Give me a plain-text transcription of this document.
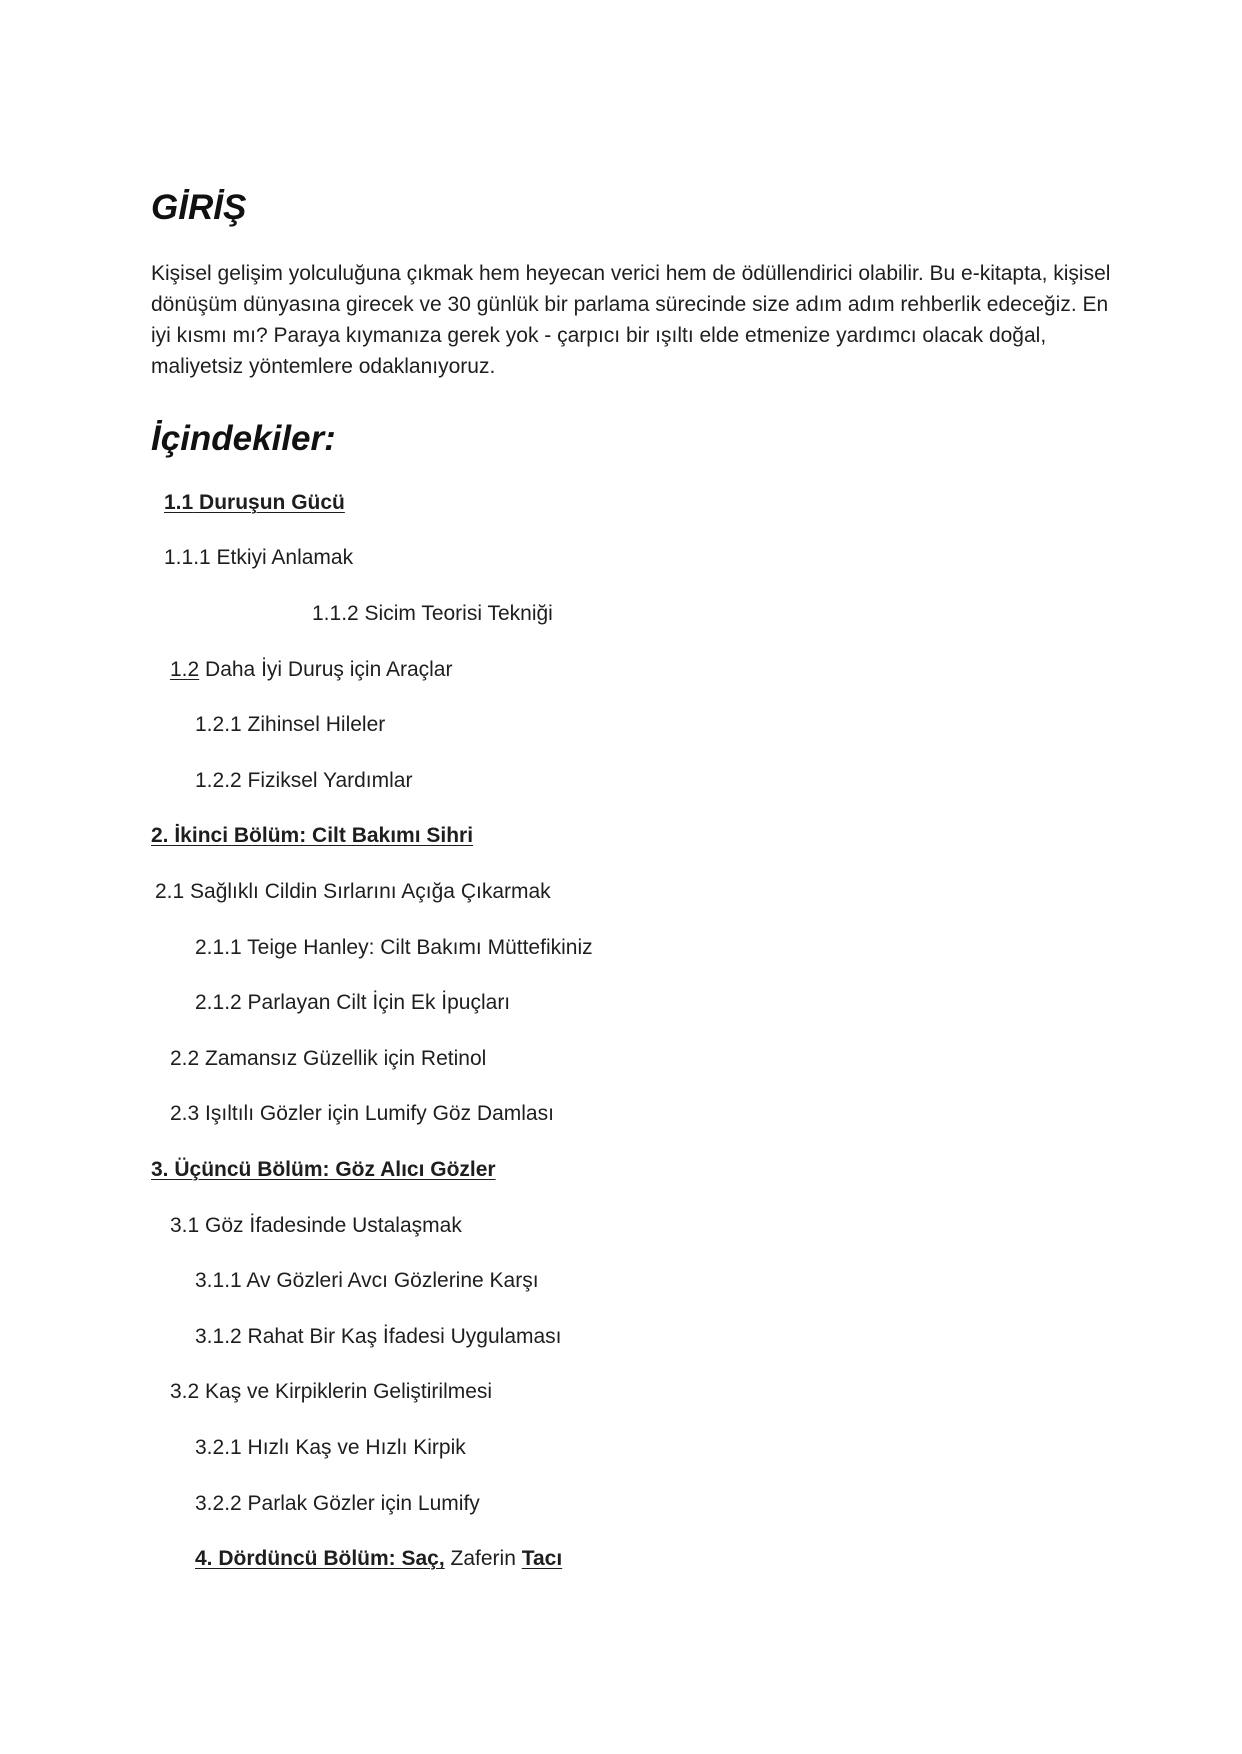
GİRİŞ

Kişisel gelişim yolculuğuna çıkmak hem heyecan verici hem de ödüllendirici olabilir. Bu e-kitapta, kişisel dönüşüm dünyasına girecek ve 30 günlük bir parlama sürecinde size adım adım rehberlik edeceğiz. En iyi kısmı mı? Paraya kıymanıza gerek yok - çarpıcı bir ışıltı elde etmenize yardımcı olacak doğal, maliyetsiz yöntemlere odaklanıyoruz.

İçindekiler:

1.1 Duruşun Gücü

1.1.1 Etkiyi Anlamak

1.1.2 Sicim Teorisi Tekniği

1.2 Daha İyi Duruş için Araçlar

1.2.1 Zihinsel Hileler

1.2.2 Fiziksel Yardımlar

2. İkinci Bölüm: Cilt Bakımı Sihri

2.1 Sağlıklı Cildin Sırlarını Açığa Çıkarmak

2.1.1 Teige Hanley: Cilt Bakımı Müttefikiniz

2.1.2 Parlayan Cilt İçin Ek İpuçları

2.2 Zamansız Güzellik için Retinol

2.3 Işıltılı Gözler için Lumify Göz Damlası

3. Üçüncü Bölüm: Göz Alıcı Gözler

3.1 Göz İfadesinde Ustalaşmak

3.1.1 Av Gözleri Avcı Gözlerine Karşı

3.1.2 Rahat Bir Kaş İfadesi Uygulaması

3.2 Kaş ve Kirpiklerin Geliştirilmesi

3.2.1 Hızlı Kaş ve Hızlı Kirpik

3.2.2 Parlak Gözler için Lumify

4. Dördüncü Bölüm: Saç, Zaferin Tacı
